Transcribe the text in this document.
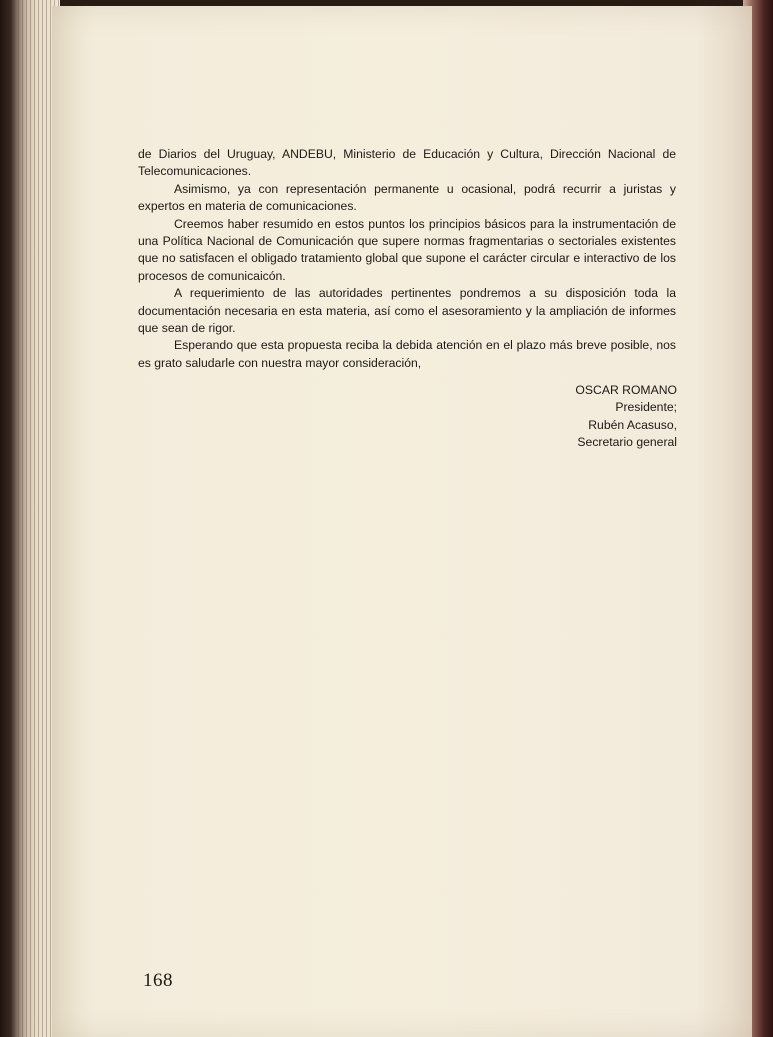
de Diarios del Uruguay, ANDEBU, Ministerio de Educación y Cultura, Dirección Nacional de Telecomunicaciones.

Asimismo, ya con representación permanente u ocasional, podrá recurrir a juristas y expertos en materia de comunicaciones.

Creemos haber resumido en estos puntos los principios básicos para la instrumentación de una Política Nacional de Comunicación que supere normas fragmentarias o sectoriales existentes que no satisfacen el obligado tratamiento global que supone el carácter circular e interactivo de los procesos de comunicaicón.

A requerimiento de las autoridades pertinentes pondremos a su disposición toda la documentación necesaria en esta materia, así como el asesoramiento y la ampliación de informes que sean de rigor.

Esperando que esta propuesta reciba la debida atención en el plazo más breve posible, nos es grato saludarle con nuestra mayor consideración,

OSCAR ROMANO
Presidente;
Rubén Acasuso,
Secretario general
168
